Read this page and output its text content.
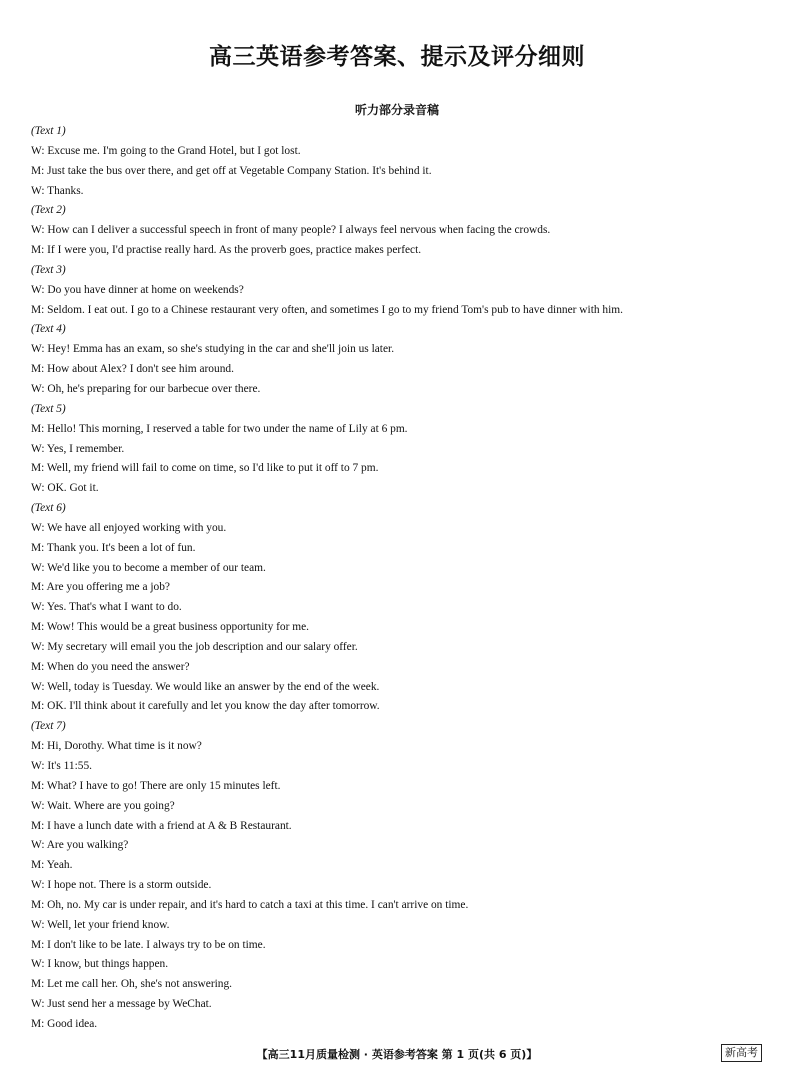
高三英语参考答案、提示及评分细则
听力部分录音稿
(Text 1)
W: Excuse me. I'm going to the Grand Hotel, but I got lost.
M: Just take the bus over there, and get off at Vegetable Company Station. It's behind it.
W: Thanks.
(Text 2)
W: How can I deliver a successful speech in front of many people? I always feel nervous when facing the crowds.
M: If I were you, I'd practise really hard. As the proverb goes, practice makes perfect.
(Text 3)
W: Do you have dinner at home on weekends?
M: Seldom. I eat out. I go to a Chinese restaurant very often, and sometimes I go to my friend Tom's pub to have dinner with him.
(Text 4)
W: Hey! Emma has an exam, so she's studying in the car and she'll join us later.
M: How about Alex? I don't see him around.
W: Oh, he's preparing for our barbecue over there.
(Text 5)
M: Hello! This morning, I reserved a table for two under the name of Lily at 6 pm.
W: Yes, I remember.
M: Well, my friend will fail to come on time, so I'd like to put it off to 7 pm.
W: OK. Got it.
(Text 6)
W: We have all enjoyed working with you.
M: Thank you. It's been a lot of fun.
W: We'd like you to become a member of our team.
M: Are you offering me a job?
W: Yes. That's what I want to do.
M: Wow! This would be a great business opportunity for me.
W: My secretary will email you the job description and our salary offer.
M: When do you need the answer?
W: Well, today is Tuesday. We would like an answer by the end of the week.
M: OK. I'll think about it carefully and let you know the day after tomorrow.
(Text 7)
M: Hi, Dorothy. What time is it now?
W: It's 11:55.
M: What? I have to go! There are only 15 minutes left.
W: Wait. Where are you going?
M: I have a lunch date with a friend at A & B Restaurant.
W: Are you walking?
M: Yeah.
W: I hope not. There is a storm outside.
M: Oh, no. My car is under repair, and it's hard to catch a taxi at this time. I can't arrive on time.
W: Well, let your friend know.
M: I don't like to be late. I always try to be on time.
W: I know, but things happen.
M: Let me call her. Oh, she's not answering.
W: Just send her a message by WeChat.
M: Good idea.
【高三11月质量检测 · 英语参考答案 第 1 页(共 6 页)】	新高考
